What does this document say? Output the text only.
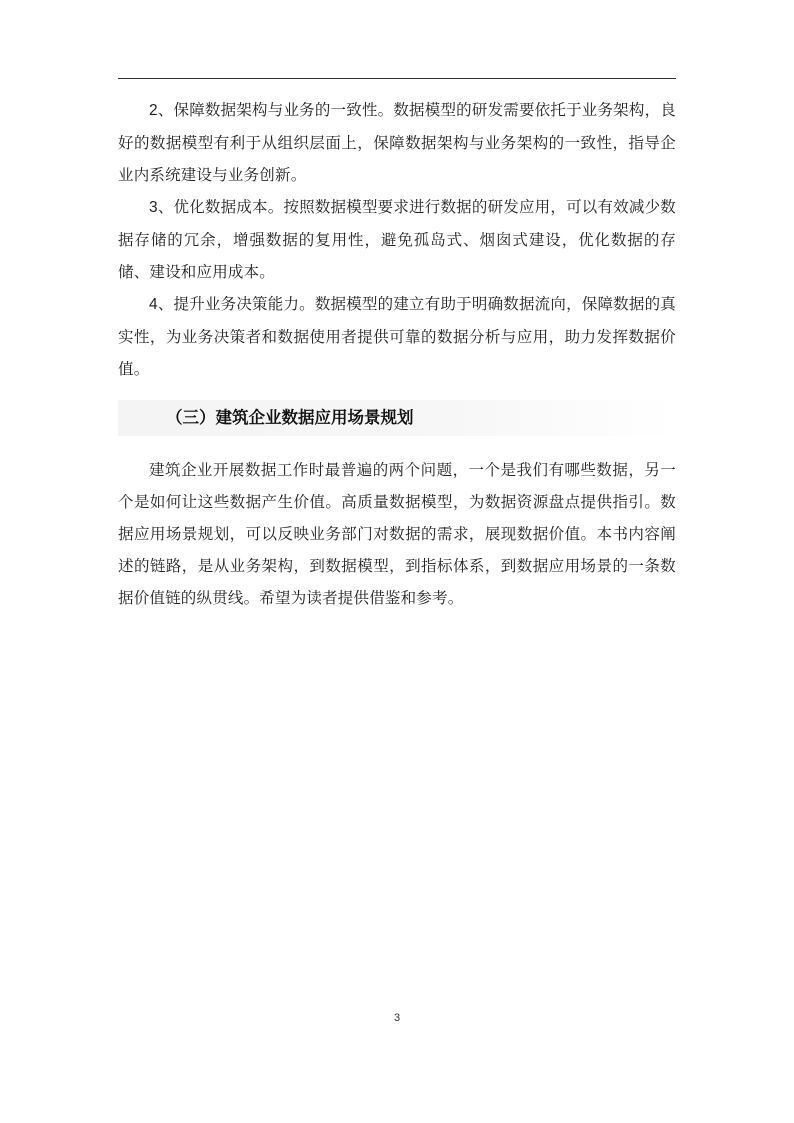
2、保障数据架构与业务的一致性。数据模型的研发需要依托于业务架构，良好的数据模型有利于从组织层面上，保障数据架构与业务架构的一致性，指导企业内系统建设与业务创新。

3、优化数据成本。按照数据模型要求进行数据的研发应用，可以有效减少数据存储的冗余，增强数据的复用性，避免孤岛式、烟囱式建设，优化数据的存储、建设和应用成本。

4、提升业务决策能力。数据模型的建立有助于明确数据流向，保障数据的真实性，为业务决策者和数据使用者提供可靠的数据分析与应用，助力发挥数据价值。

（三）建筑企业数据应用场景规划

建筑企业开展数据工作时最普遍的两个问题，一个是我们有哪些数据，另一个是如何让这些数据产生价值。高质量数据模型，为数据资源盘点提供指引。数据应用场景规划，可以反映业务部门对数据的需求，展现数据价值。本书内容阐述的链路，是从业务架构，到数据模型，到指标体系，到数据应用场景的一条数据价值链的纵贯线。希望为读者提供借鉴和参考。

3
